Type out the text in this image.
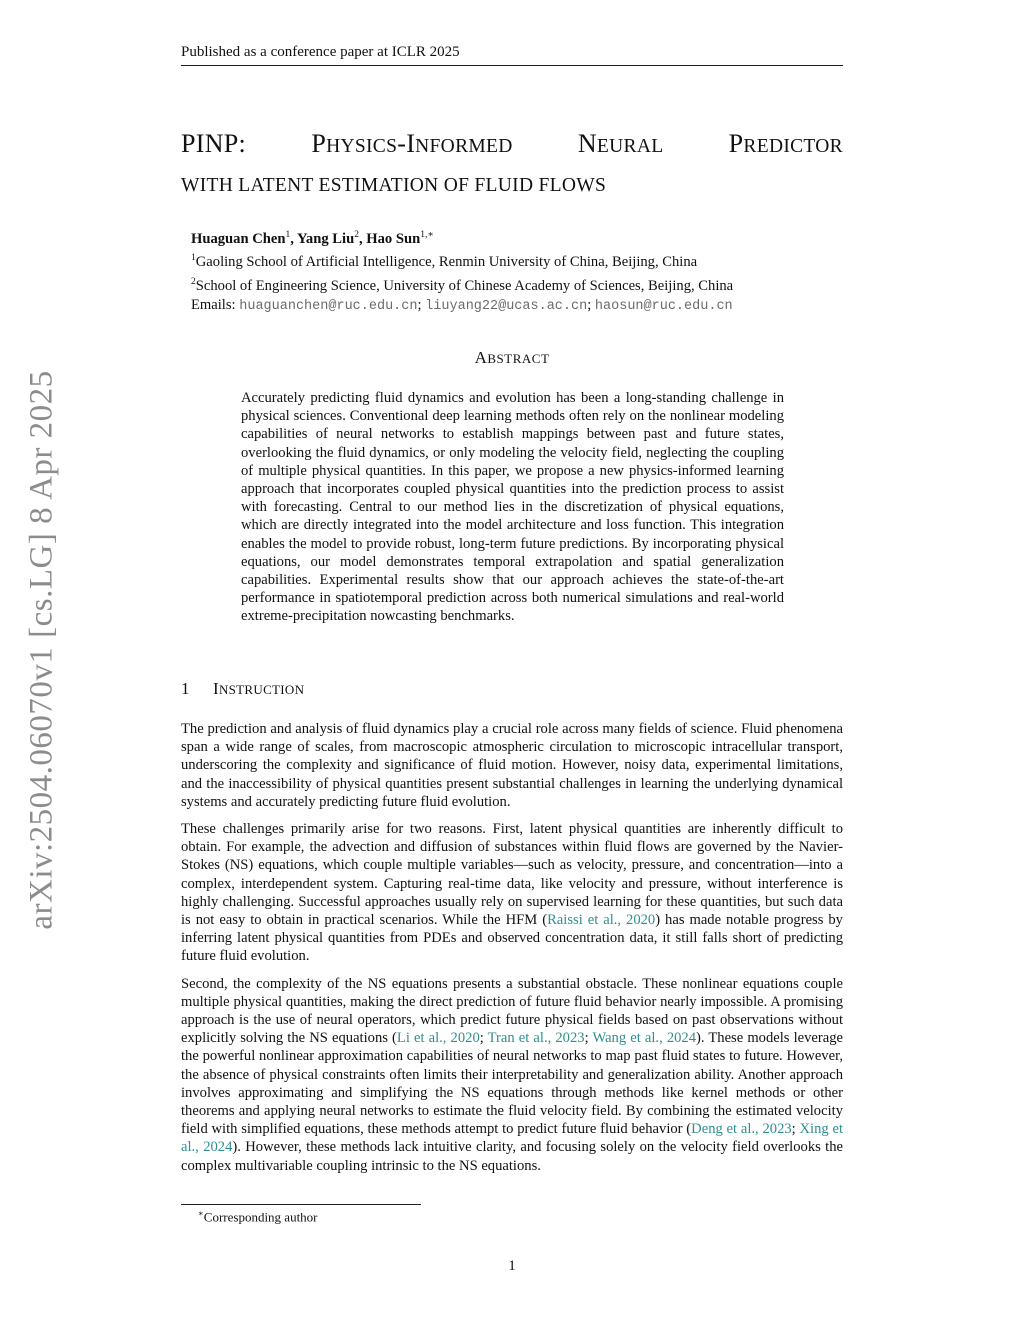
arXiv:2504.06070v1 [cs.LG] 8 Apr 2025
Published as a conference paper at ICLR 2025
PINP:	PHYSICS-INFORMED	NEURAL	PREDICTOR
WITH LATENT ESTIMATION OF FLUID FLOWS
Huaguan Chen$^1$, Yang Liu$^2$, Hao Sun$^{1,∗}$
$^1$Gaoling School of Artificial Intelligence, Renmin University of China, Beijing, China
$^2$School of Engineering Science, University of Chinese Academy of Sciences, Beijing, China
Emails: huaguanchen@ruc.edu.cn; liuyang22@ucas.ac.cn; haosun@ruc.edu.cn
ABSTRACT
Accurately predicting fluid dynamics and evolution has been a long-standing challenge in physical sciences. Conventional deep learning methods often rely on the nonlinear modeling capabilities of neural networks to establish mappings between past and future states, overlooking the fluid dynamics, or only modeling the velocity field, neglecting the coupling of multiple physical quantities. In this paper, we propose a new physics-informed learning approach that incorporates coupled physical quantities into the prediction process to assist with forecasting. Central to our method lies in the discretization of physical equations, which are directly integrated into the model architecture and loss function. This integration enables the model to provide robust, long-term future predictions. By incorporating physical equations, our model demonstrates temporal extrapolation and spatial generalization capabilities. Experimental results show that our approach achieves the state-of-the-art performance in spatiotemporal prediction across both numerical simulations and real-world extreme-precipitation nowcasting benchmarks.
1 INSTRUCTION

The prediction and analysis of fluid dynamics play a crucial role across many fields of science. Fluid phenomena span a wide range of scales, from macroscopic atmospheric circulation to microscopic intracellular transport, underscoring the complexity and significance of fluid motion. However, noisy data, experimental limitations, and the inaccessibility of physical quantities present substantial challenges in learning the underlying dynamical systems and accurately predicting future fluid evolution.

These challenges primarily arise for two reasons. First, latent physical quantities are inherently difficult to obtain. For example, the advection and diffusion of substances within fluid flows are governed by the Navier-Stokes (NS) equations, which couple multiple variables—such as velocity, pressure, and concentration—into a complex, interdependent system. Capturing real-time data, like velocity and pressure, without interference is highly challenging. Successful approaches usually rely on supervised learning for these quantities, but such data is not easy to obtain in practical scenarios. While the HFM (Raissi et al., 2020) has made notable progress by inferring latent physical quantities from PDEs and observed concentration data, it still falls short of predicting future fluid evolution.

Second, the complexity of the NS equations presents a substantial obstacle. These nonlinear equations couple multiple physical quantities, making the direct prediction of future fluid behavior nearly impossible. A promising approach is the use of neural operators, which predict future physical fields based on past observations without explicitly solving the NS equations (Li et al., 2020; Tran et al., 2023; Wang et al., 2024). These models leverage the powerful nonlinear approximation capabilities of neural networks to map past fluid states to future. However, the absence of physical constraints often limits their interpretability and generalization ability. Another approach involves approximating and simplifying the NS equations through methods like kernel methods or other theorems and applying neural networks to estimate the fluid velocity field. By combining the estimated velocity field with simplified equations, these methods attempt to predict future fluid behavior (Deng et al., 2023; Xing et al., 2024). However, these methods lack intuitive clarity, and focusing solely on the velocity field overlooks the complex multivariable coupling intrinsic to the NS equations.

∗Corresponding author
1
